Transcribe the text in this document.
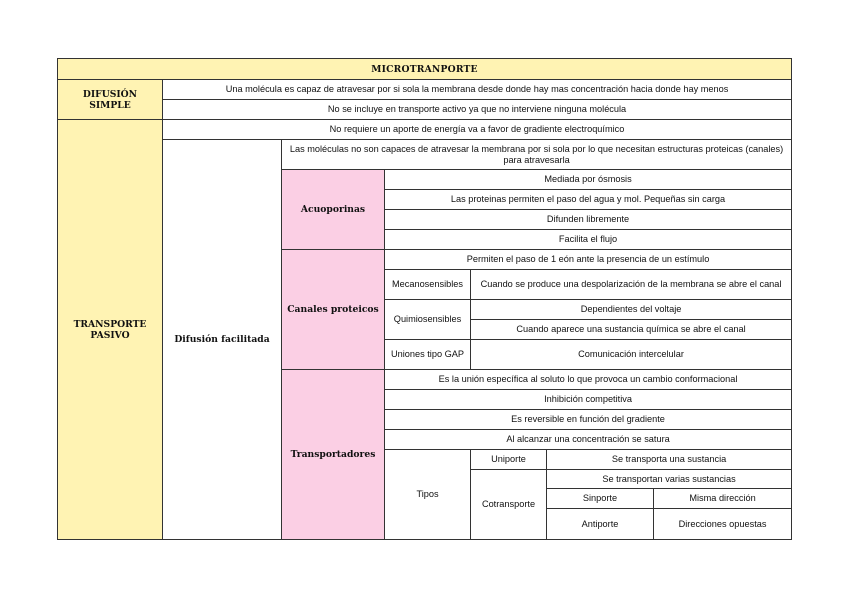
MICROTRANPORTE						
DIFUSIÓN SIMPLE	Una molécula es capaz de atravesar por si sola la membrana desde donde hay mas concentración hacia donde hay menos					
	No se incluye en transporte activo ya que no interviene ninguna molécula					
TRANSPORTE PASIVO	No requiere un aporte de energía va a favor de gradiente electroquímico					
	Difusión facilitada	Las moléculas no son capaces de atravesar la membrana por si sola por lo que necesitan estructuras proteicas (canales) para atravesarla				
		Acuoporinas	Mediada por ósmosis			
			Las proteinas permiten el paso del agua y mol. Pequeñas sin carga			
			Difunden libremente			
			Facilita el flujo			
		Canales proteicos	Permiten el paso de 1 eón ante la presencia de un estímulo			
			Mecanosensibles	Cuando se produce una despolarización de la membrana se abre el canal		
			Quimiosensibles	Dependientes del voltaje		
				Cuando aparece una sustancia química se abre el canal		
			Uniones tipo GAP	Comunicación intercelular		

		Transportadores	Es la unión específica al soluto lo que provoca un cambio conformacional			
			Inhibición competitiva			
			Es reversible en función del gradiente			
			Al alcanzar una concentración se satura			
			Tipos	Uniporte	Se transporta una sustancia	
				Cotransporte	Se transportan varias sustancias	
					Sinporte	Misma dirección
					Antiporte	Direcciones opuestas
